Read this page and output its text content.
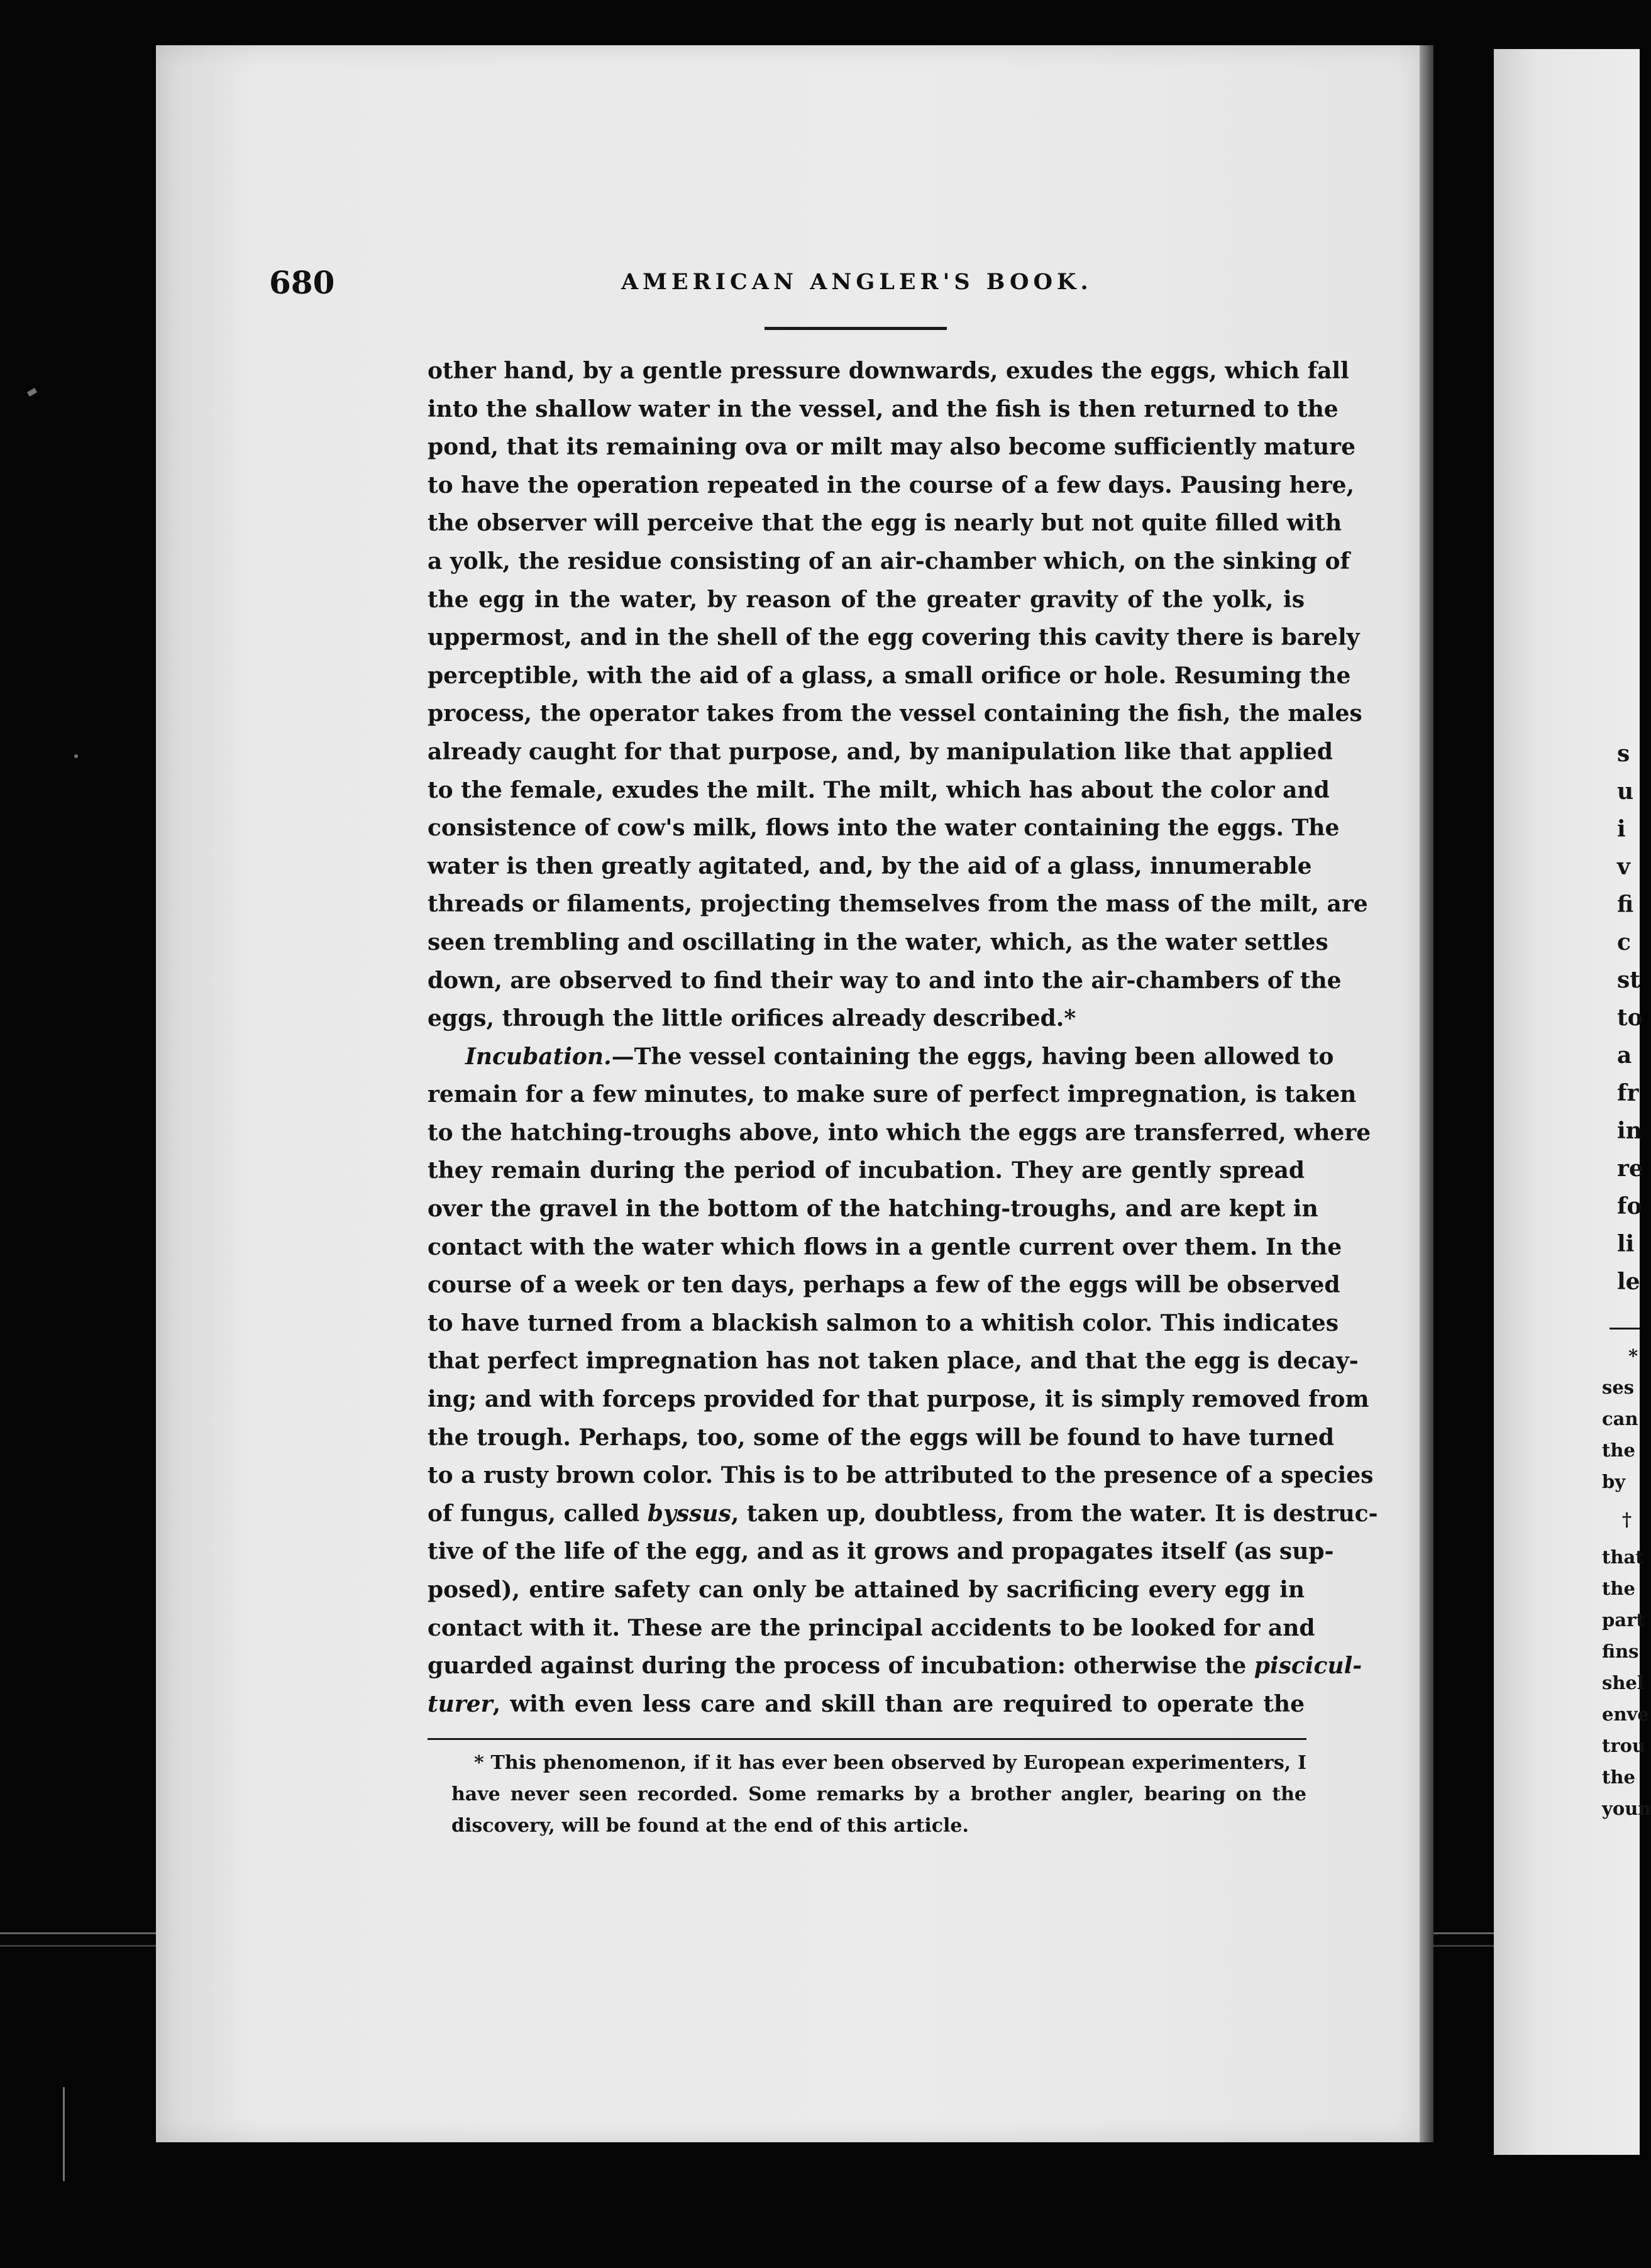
680	AMERICAN ANGLER'S BOOK.
other hand, by a gentle pressure downwards, exudes the eggs, which fall
into the shallow water in the vessel, and the fish is then returned to the
pond, that its remaining ova or milt may also become sufficiently mature
to have the operation repeated in the course of a few days. Pausing here,
the observer will perceive that the egg is nearly but not quite filled with
a yolk, the residue consisting of an air-chamber which, on the sinking of
the egg in the water, by reason of the greater gravity of the yolk, is
uppermost, and in the shell of the egg covering this cavity there is barely
perceptible, with the aid of a glass, a small orifice or hole. Resuming the
process, the operator takes from the vessel containing the fish, the males
already caught for that purpose, and, by manipulation like that applied
to the female, exudes the milt. The milt, which has about the color and
consistence of cow's milk, flows into the water containing the eggs. The
water is then greatly agitated, and, by the aid of a glass, innumerable
threads or filaments, projecting themselves from the mass of the milt, are
seen trembling and oscillating in the water, which, as the water settles
down, are observed to find their way to and into the air-chambers of the
eggs, through the little orifices already described.*
Incubation.—The vessel containing the eggs, having been allowed to
remain for a few minutes, to make sure of perfect impregnation, is taken
to the hatching-troughs above, into which the eggs are transferred, where
they remain during the period of incubation. They are gently spread
over the gravel in the bottom of the hatching-troughs, and are kept in
contact with the water which flows in a gentle current over them. In the
course of a week or ten days, perhaps a few of the eggs will be observed
to have turned from a blackish salmon to a whitish color. This indicates
that perfect impregnation has not taken place, and that the egg is decay-
ing; and with forceps provided for that purpose, it is simply removed from
the trough. Perhaps, too, some of the eggs will be found to have turned
to a rusty brown color. This is to be attributed to the presence of a species
of fungus, called byssus, taken up, doubtless, from the water. It is destruc-
tive of the life of the egg, and as it grows and propagates itself (as sup-
posed), entire safety can only be attained by sacrificing every egg in
contact with it. These are the principal accidents to be looked for and
guarded against during the process of incubation: otherwise the piscicul-
turer, with even less care and skill than are required to operate the
* This phenomenon, if it has ever been observed by European experimenters, I
have never seen recorded. Some remarks by a brother angler, bearing on the
discovery, will be found at the end of this article.
s
u
i
v
fi
c
st
to
a
fr
in
re
fo
li
le
*
ses
can
the
by
†
that
the
part
fins
shel
enve
trou
the
youn
